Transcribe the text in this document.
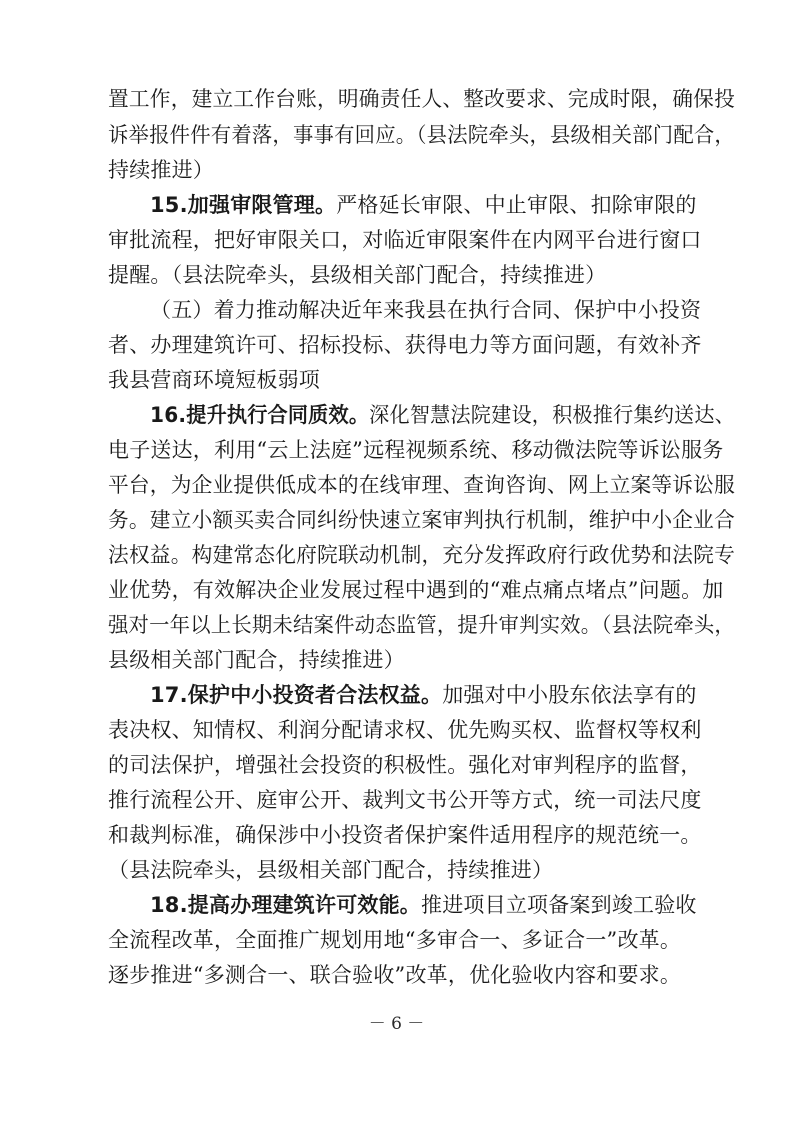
置工作，建立工作台账，明确责任人、整改要求、完成时限，确保投
诉举报件件有着落，事事有回应。（县法院牵头，县级相关部门配合，
持续推进）
15.加强审限管理。严格延长审限、中止审限、扣除审限的
审批流程，把好审限关口，对临近审限案件在内网平台进行窗口
提醒。（县法院牵头，县级相关部门配合，持续推进）
（五）着力推动解决近年来我县在执行合同、保护中小投资
者、办理建筑许可、招标投标、获得电力等方面问题，有效补齐
我县营商环境短板弱项
16.提升执行合同质效。深化智慧法院建设，积极推行集约送达、
电子送达，利用“云上法庭”远程视频系统、移动微法院等诉讼服务
平台，为企业提供低成本的在线审理、查询咨询、网上立案等诉讼服
务。建立小额买卖合同纠纷快速立案审判执行机制，维护中小企业合
法权益。构建常态化府院联动机制，充分发挥政府行政优势和法院专
业优势，有效解决企业发展过程中遇到的“难点痛点堵点”问题。加
强对一年以上长期未结案件动态监管，提升审判实效。（县法院牵头，
县级相关部门配合，持续推进）
17.保护中小投资者合法权益。加强对中小股东依法享有的
表决权、知情权、利润分配请求权、优先购买权、监督权等权利
的司法保护，增强社会投资的积极性。强化对审判程序的监督，
推行流程公开、庭审公开、裁判文书公开等方式，统一司法尺度
和裁判标准，确保涉中小投资者保护案件适用程序的规范统一。
（县法院牵头，县级相关部门配合，持续推进）
18.提高办理建筑许可效能。推进项目立项备案到竣工验收
全流程改革，全面推广规划用地“多审合一、多证合一”改革。
逐步推进“多测合一、联合验收”改革，优化验收内容和要求。
－ 6 －
